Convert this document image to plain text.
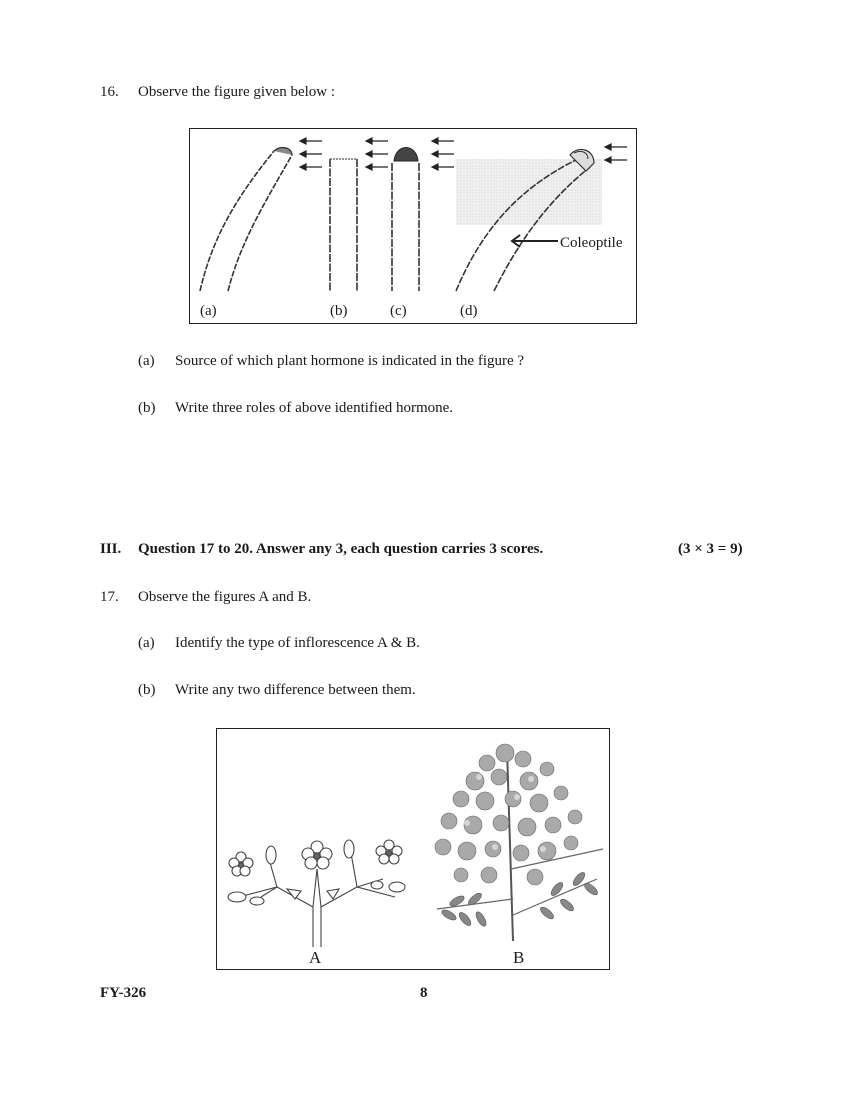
16. Observe the figure given below :
Coleoptile
(a)	(b)	(c)	(d)
(a) Source of which plant hormone is indicated in the figure ?
(b) Write three roles of above identified hormone.
III. Question 17 to 20. Answer any 3, each question carries 3 scores.	(3 × 3 = 9)
17. Observe the figures A and B.
(a) Identify the type of inflorescence A & B.
(b) Write any two difference between them.
A	B
FY-326	8
